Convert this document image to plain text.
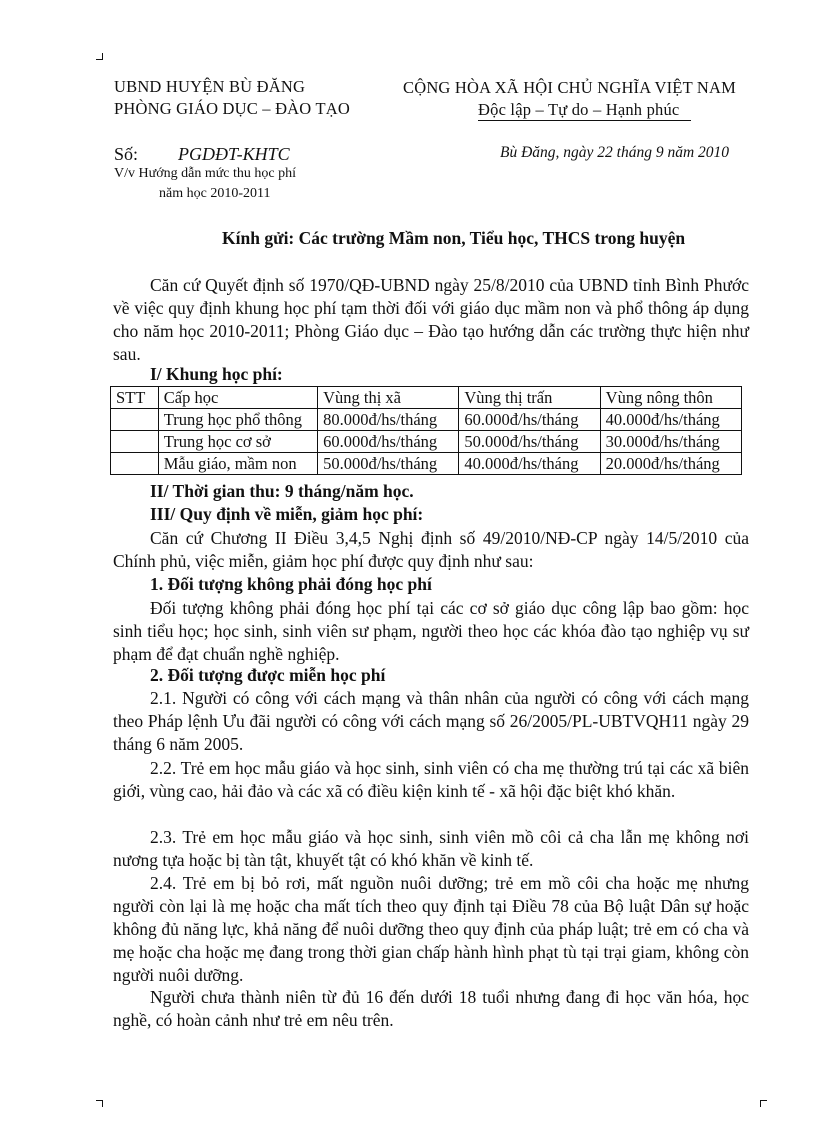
UBND HUYỆN BÙ ĐĂNG
PHÒNG GIÁO DỤC – ĐÀO TẠO
CỘNG HÒA XÃ HỘI CHỦ NGHĨA VIỆT NAM
Độc lập – Tự do – Hạnh phúc
Số: PGDĐT-KHTC	Bù Đăng, ngày 22 tháng 9 năm 2010
V/v Hướng dẫn mức thu học phí
năm học 2010-2011
Kính gửi: Các trường Mầm non, Tiểu học, THCS trong huyện
Căn cứ Quyết định số 1970/QĐ-UBND ngày 25/8/2010 của UBND tỉnh Bình Phước về việc quy định khung học phí tạm thời đối với giáo dục mầm non và phổ thông áp dụng cho năm học 2010-2011; Phòng Giáo dục – Đào tạo hướng dẫn các trường thực hiện như sau.
I/ Khung học phí:
STT	Cấp học	Vùng thị xã	Vùng thị trấn	Vùng nông thôn
	Trung học phổ thông	80.000đ/hs/tháng	60.000đ/hs/tháng	40.000đ/hs/tháng
	Trung học cơ sở	60.000đ/hs/tháng	50.000đ/hs/tháng	30.000đ/hs/tháng
	Mẫu giáo, mầm non	50.000đ/hs/tháng	40.000đ/hs/tháng	20.000đ/hs/tháng
II/ Thời gian thu: 9 tháng/năm học.
III/ Quy định về miễn, giảm học phí:
Căn cứ Chương II Điều 3,4,5 Nghị định số 49/2010/NĐ-CP ngày 14/5/2010 của Chính phủ, việc miễn, giảm học phí được quy định như sau:
1. Đối tượng không phải đóng học phí
Đối tượng không phải đóng học phí tại các cơ sở giáo dục công lập bao gồm: học sinh tiểu học; học sinh, sinh viên sư phạm, người theo học các khóa đào tạo nghiệp vụ sư phạm để đạt chuẩn nghề nghiệp.
2. Đối tượng được miễn học phí
2.1. Người có công với cách mạng và thân nhân của người có công với cách mạng theo Pháp lệnh Ưu đãi người có công với cách mạng số 26/2005/PL-UBTVQH11 ngày 29 tháng 6 năm 2005.
2.2. Trẻ em học mẫu giáo và học sinh, sinh viên có cha mẹ thường trú tại các xã biên giới, vùng cao, hải đảo và các xã có điều kiện kinh tế - xã hội đặc biệt khó khăn.
2.3. Trẻ em học mẫu giáo và học sinh, sinh viên mồ côi cả cha lẫn mẹ không nơi nương tựa hoặc bị tàn tật, khuyết tật có khó khăn về kinh tế.
2.4. Trẻ em bị bỏ rơi, mất nguồn nuôi dưỡng; trẻ em mồ côi cha hoặc mẹ nhưng người còn lại là mẹ hoặc cha mất tích theo quy định tại Điều 78 của Bộ luật Dân sự hoặc không đủ năng lực, khả năng để nuôi dưỡng theo quy định của pháp luật; trẻ em có cha và mẹ hoặc cha hoặc mẹ đang trong thời gian chấp hành hình phạt tù tại trại giam, không còn người nuôi dưỡng.
Người chưa thành niên từ đủ 16 đến dưới 18 tuổi nhưng đang đi học văn hóa, học nghề, có hoàn cảnh như trẻ em nêu trên.
